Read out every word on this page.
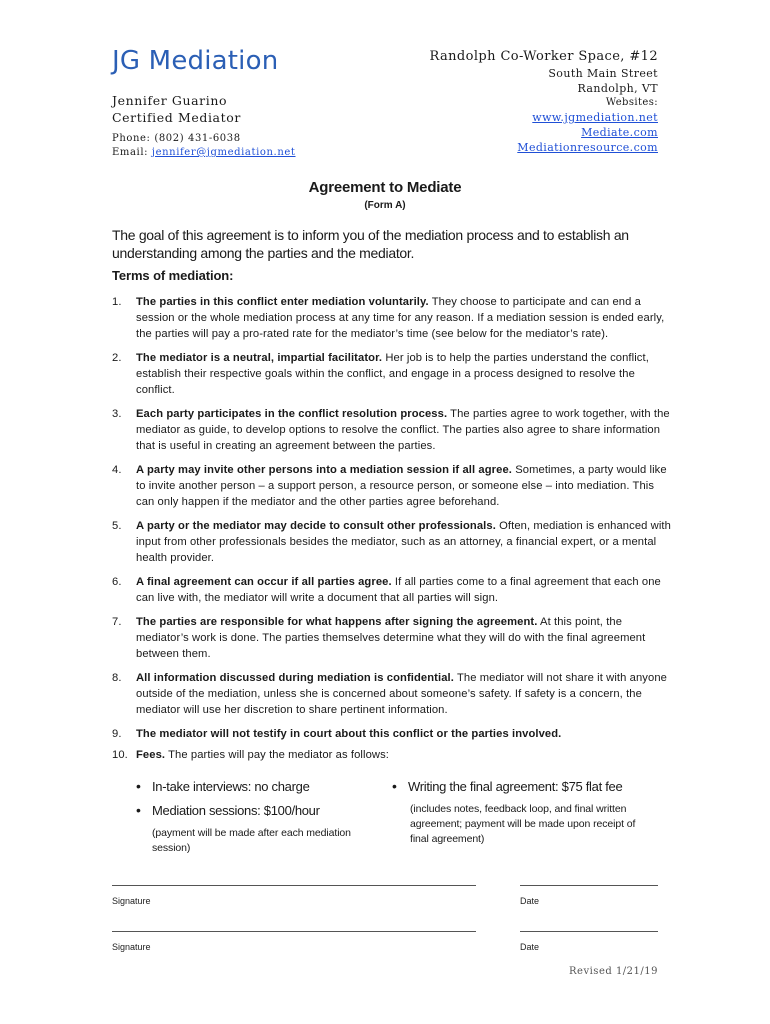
JG Mediation
Jennifer Guarino
Certified Mediator
Phone: (802) 431-6038
Email: jennifer@jgmediation.net
Randolph Co-Worker Space, #12
South Main Street
Randolph, VT
Websites:
www.jgmediation.net
Mediate.com
Mediationresource.com
Agreement to Mediate
(Form A)
The goal of this agreement is to inform you of the mediation process and to establish an understanding among the parties and the mediator.
Terms of mediation:
1. The parties in this conflict enter mediation voluntarily. They choose to participate and can end a session or the whole mediation process at any time for any reason. If a mediation session is ended early, the parties will pay a pro-rated rate for the mediator’s time (see below for the mediator’s rate).
2. The mediator is a neutral, impartial facilitator. Her job is to help the parties understand the conflict, establish their respective goals within the conflict, and engage in a process designed to resolve the conflict.
3. Each party participates in the conflict resolution process. The parties agree to work together, with the mediator as guide, to develop options to resolve the conflict. The parties also agree to share information that is useful in creating an agreement between the parties.
4. A party may invite other persons into a mediation session if all agree. Sometimes, a party would like to invite another person – a support person, a resource person, or someone else – into mediation. This can only happen if the mediator and the other parties agree beforehand.
5. A party or the mediator may decide to consult other professionals. Often, mediation is enhanced with input from other professionals besides the mediator, such as an attorney, a financial expert, or a mental health provider.
6. A final agreement can occur if all parties agree. If all parties come to a final agreement that each one can live with, the mediator will write a document that all parties will sign.
7. The parties are responsible for what happens after signing the agreement. At this point, the mediator’s work is done. The parties themselves determine what they will do with the final agreement between them.
8. All information discussed during mediation is confidential. The mediator will not share it with anyone outside of the mediation, unless she is concerned about someone’s safety. If safety is a concern, the mediator will use her discretion to share pertinent information.
9. The mediator will not testify in court about this conflict or the parties involved.
10. Fees. The parties will pay the mediator as follows:
• In-take interviews: no charge
• Mediation sessions: $100/hour
(payment will be made after each mediation session)
• Writing the final agreement: $75 flat fee
(includes notes, feedback loop, and final written agreement; payment will be made upon receipt of final agreement)
Signature	Date
Signature	Date
Revised 1/21/19
